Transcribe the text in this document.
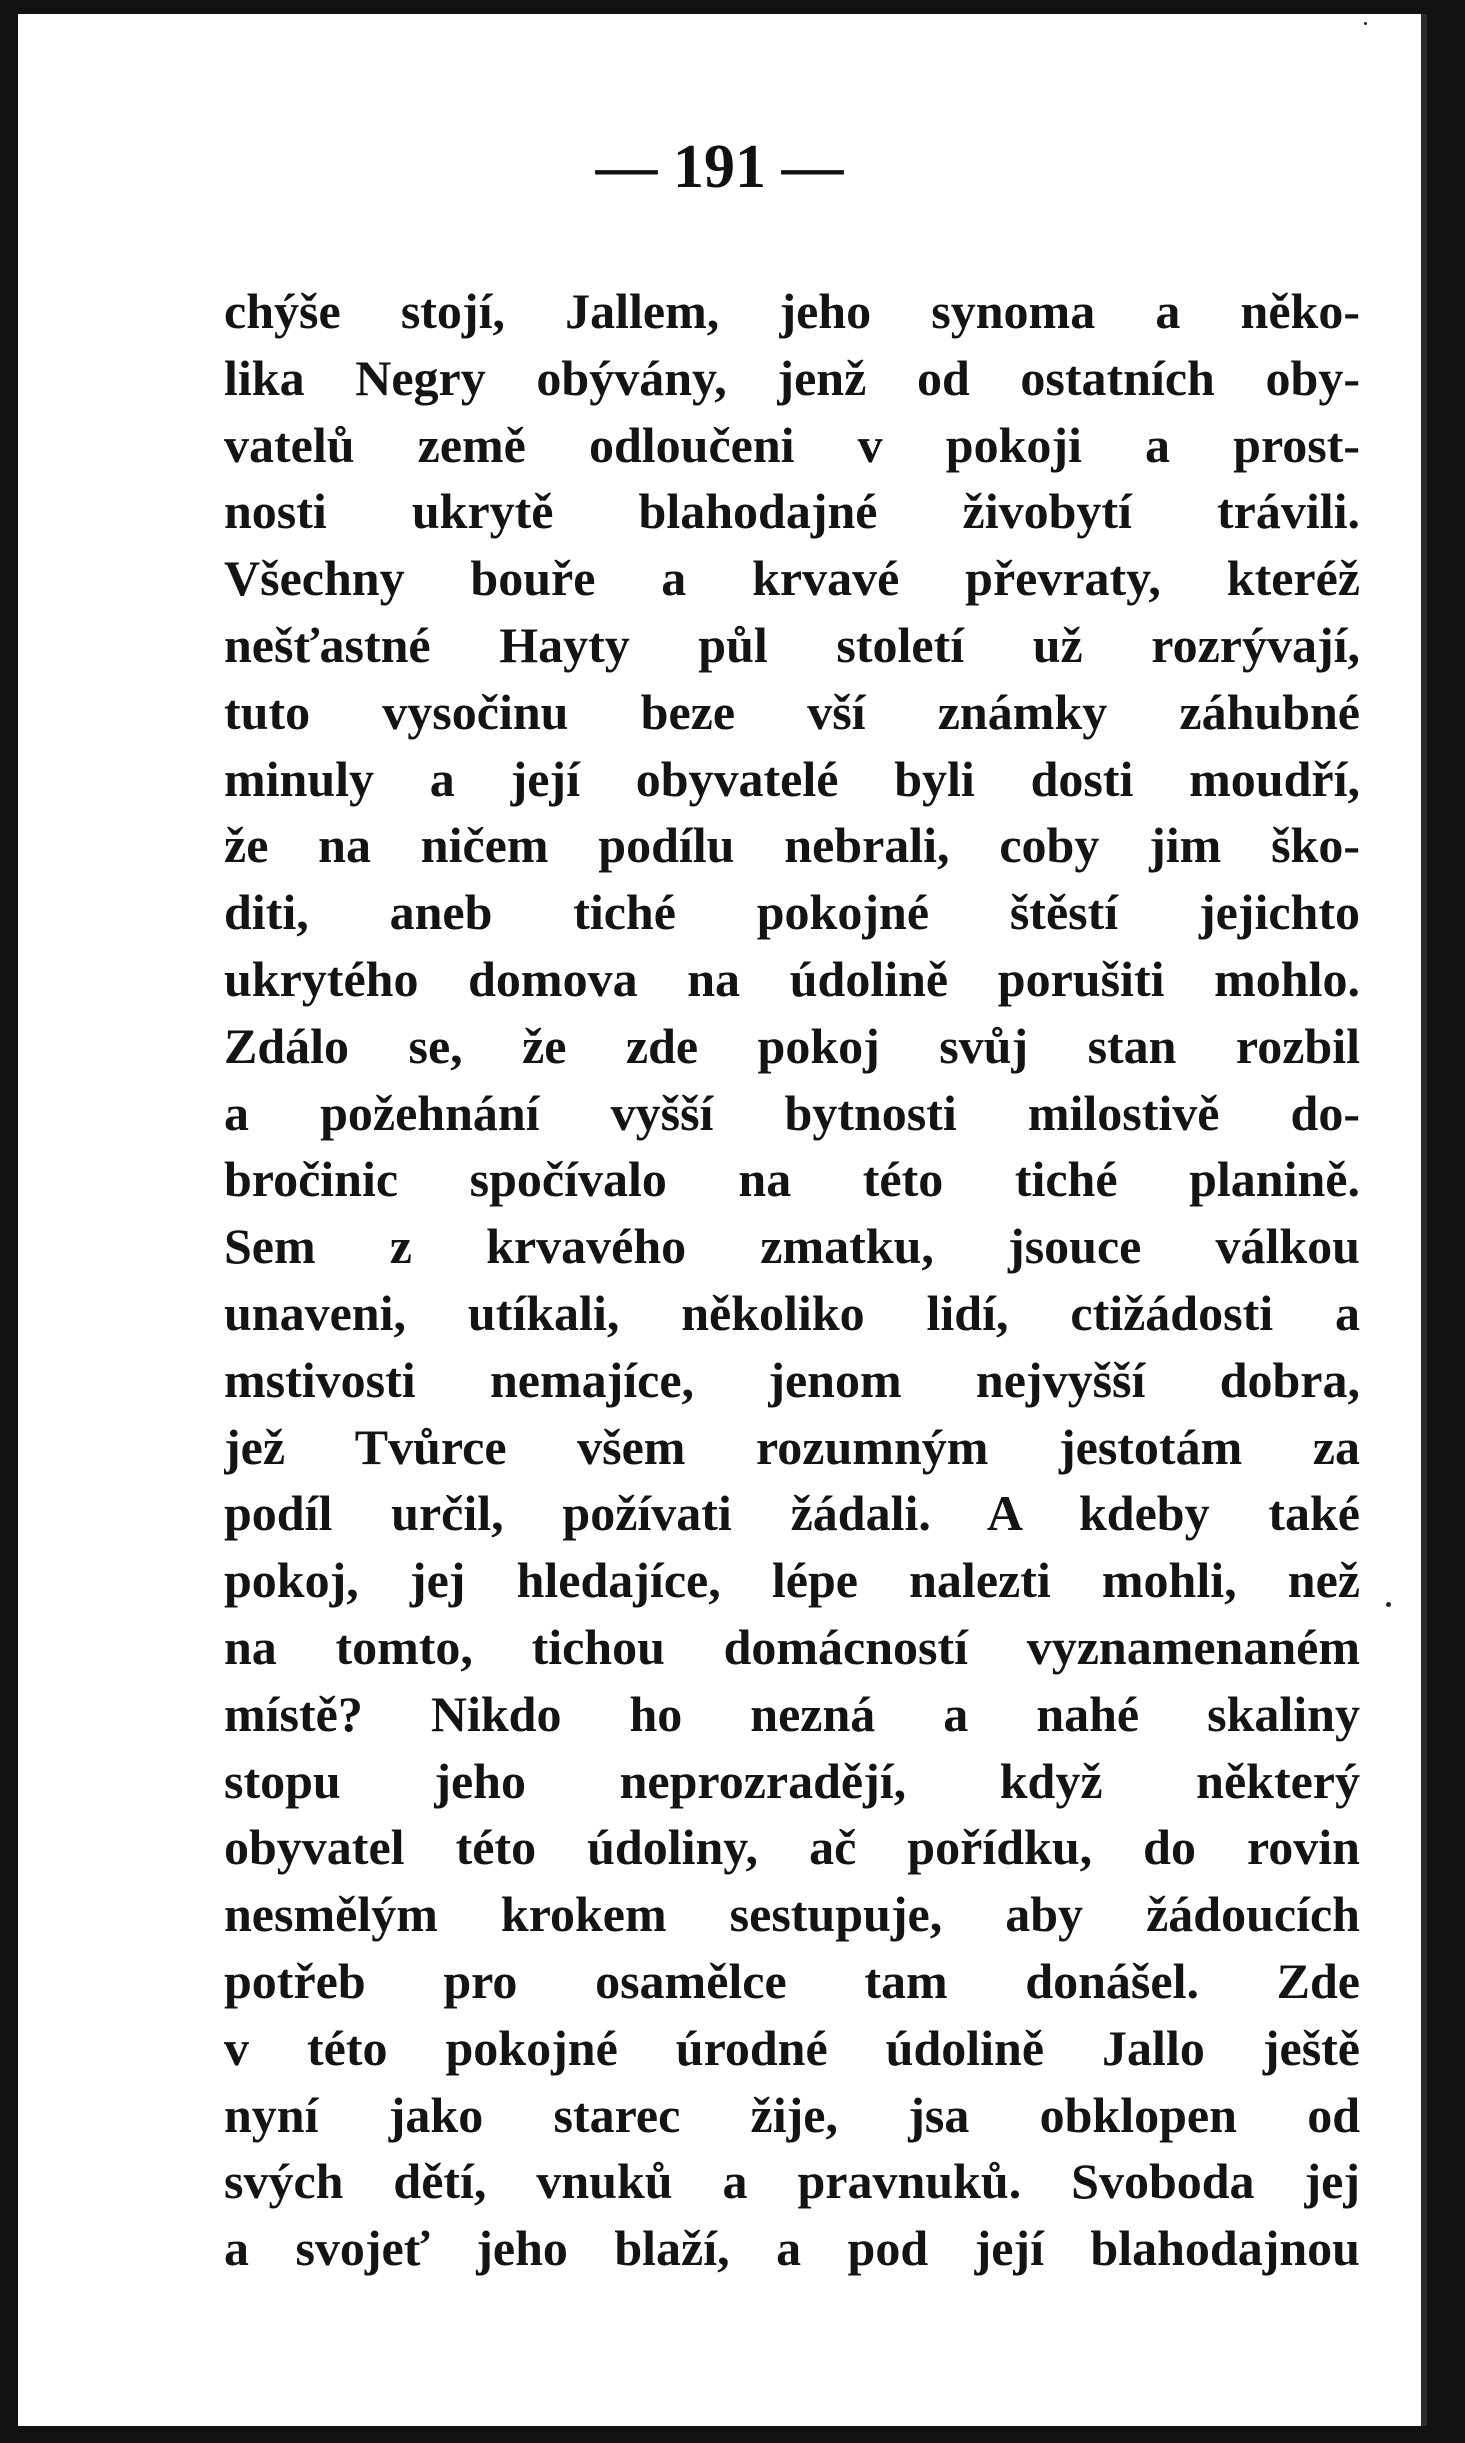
— 191 —
chýše stojí, Jallem, jeho synoma a něko-
lika Negry obývány, jenž od ostatních oby-
vatelů země odloučeni v pokoji a prost-
nosti ukrytě blahodajné živobytí trávili.
Všechny bouře a krvavé převraty, kteréž
nešťastné Hayty půl století už rozrývají,
tuto vysočinu beze vší známky záhubné
minuly a její obyvatelé byli dosti moudří,
že na ničem podílu nebrali, coby jim ško-
diti, aneb tiché pokojné štěstí jejichto
ukrytého domova na údolině porušiti mohlo.
Zdálo se, že zde pokoj svůj stan rozbil
a požehnání vyšší bytnosti milostivě do-
bročinic spočívalo na této tiché planině.
Sem z krvavého zmatku, jsouce válkou
unaveni, utíkali, několiko lidí, ctižádosti a
mstivosti nemajíce, jenom nejvyšší dobra,
jež Tvůrce všem rozumným jestotám za
podíl určil, požívati žádali. A kdeby také
pokoj, jej hledajíce, lépe nalezti mohli, než
na tomto, tichou domácností vyznamenaném
místě? Nikdo ho nezná a nahé skaliny
stopu jeho neprozradějí, když některý
obyvatel této údoliny, ač pořídku, do rovin
nesmělým krokem sestupuje, aby žádoucích
potřeb pro osamělce tam donášel. Zde
v této pokojné úrodné údolině Jallo ještě
nyní jako starec žije, jsa obklopen od
svých dětí, vnuků a pravnuků. Svoboda jej
a svojeť jeho blaží, a pod její blahodajnou
